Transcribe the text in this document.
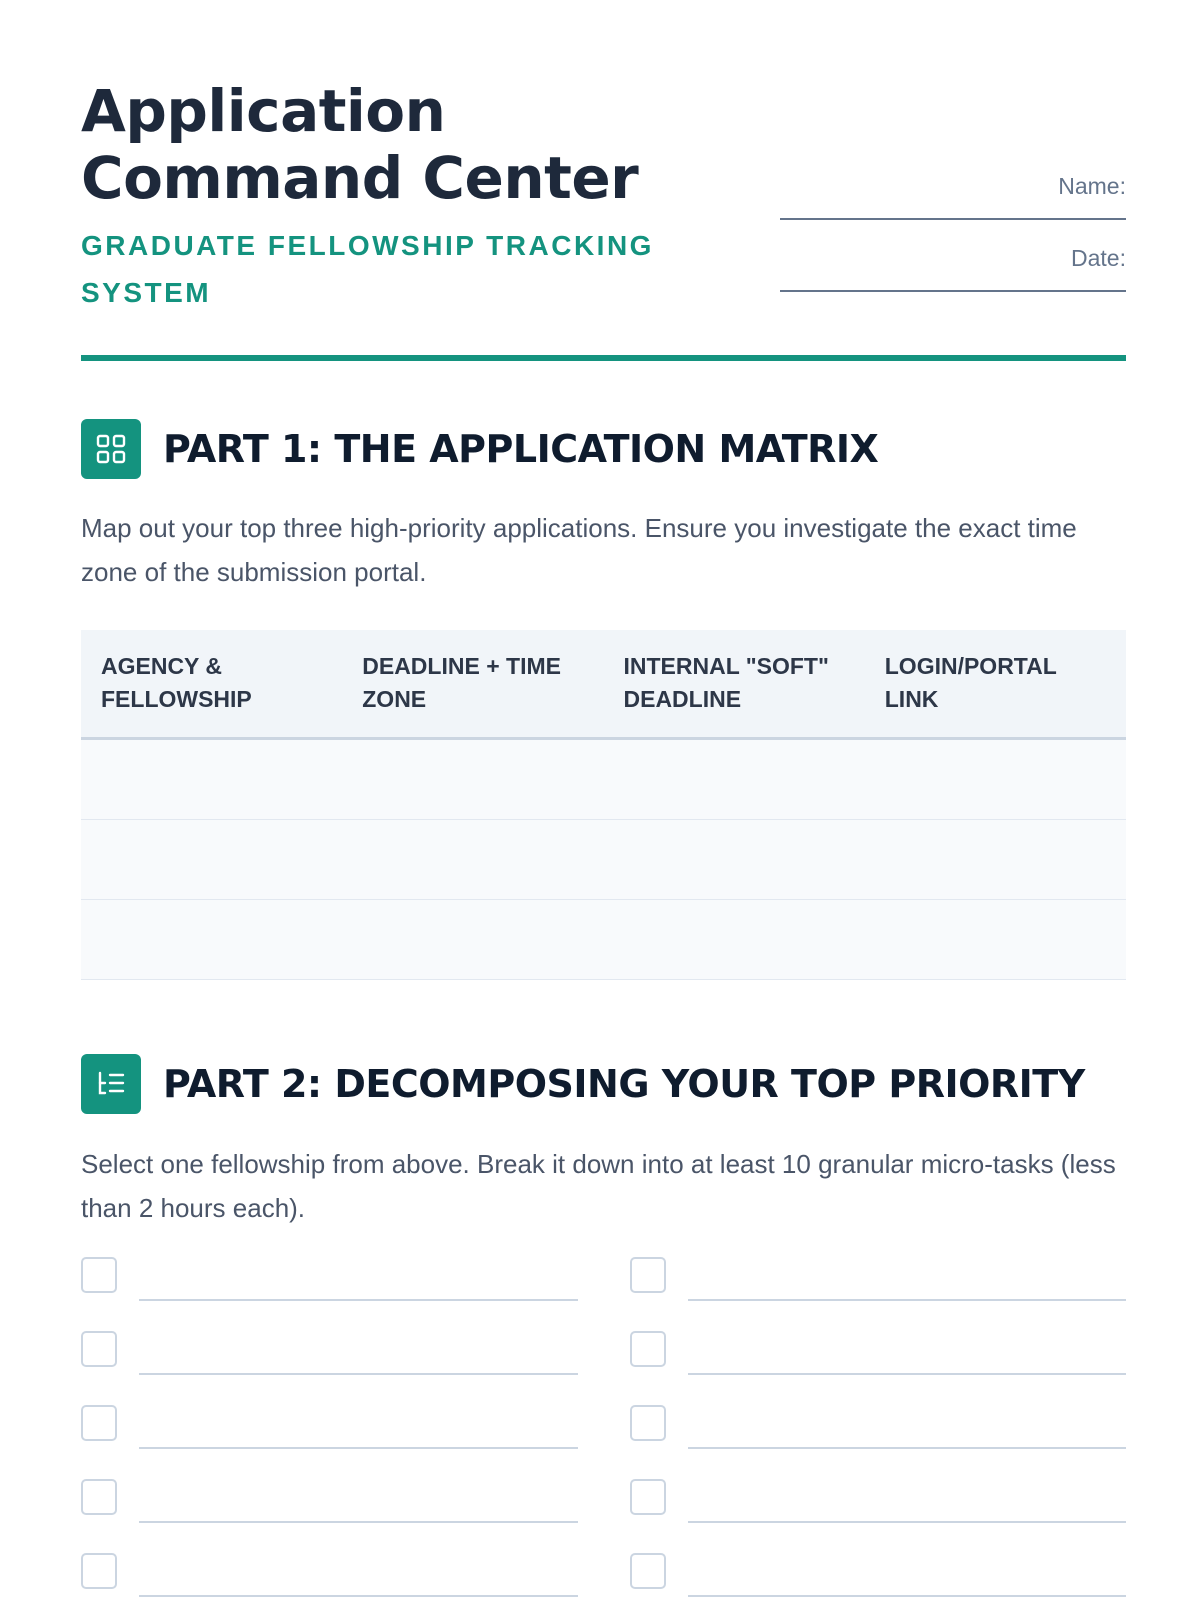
Application Command Center
GRADUATE FELLOWSHIP TRACKING SYSTEM
Name:
Date:
PART 1: THE APPLICATION MATRIX

Map out your top three high-priority applications. Ensure you investigate the exact time zone of the submission portal.

AGENCY & FELLOWSHIP	DEADLINE + TIME ZONE	INTERNAL "SOFT" DEADLINE	LOGIN/PORTAL LINK

PART 2: DECOMPOSING YOUR TOP PRIORITY

Select one fellowship from above. Break it down into at least 10 granular micro-tasks (less than 2 hours each).
